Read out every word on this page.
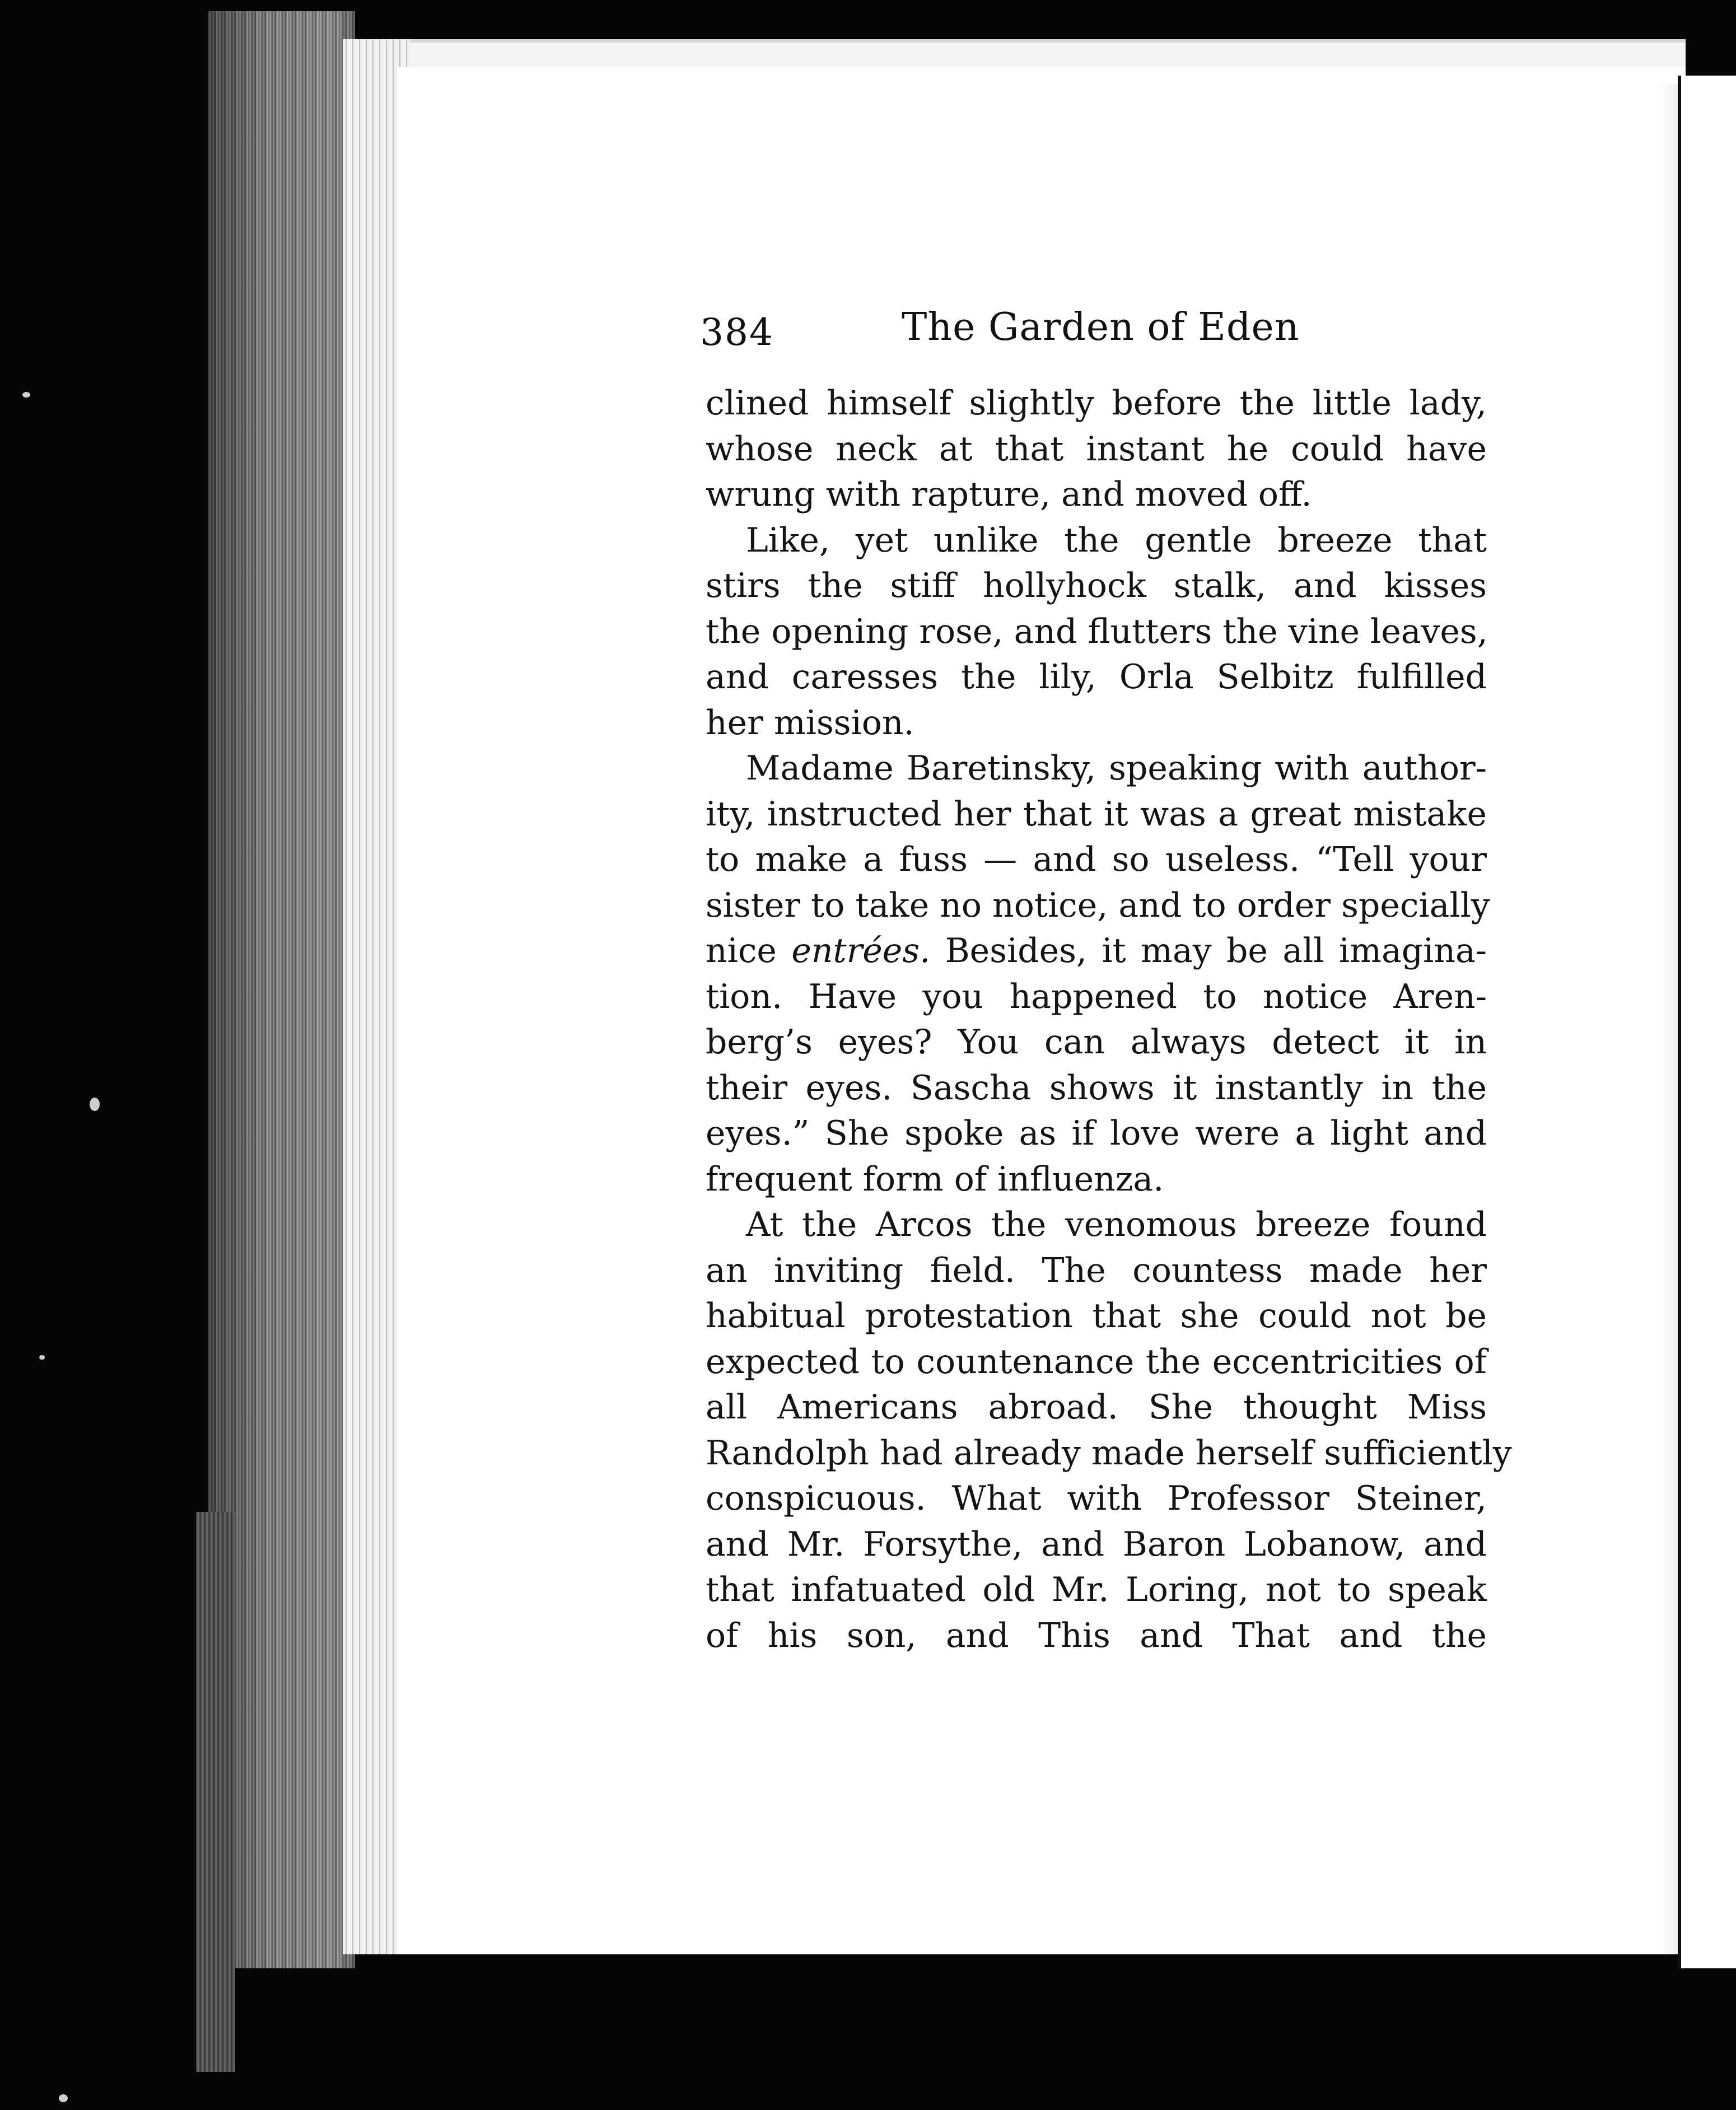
384	The Garden of Eden
clined himself slightly before the little lady,
whose neck at that instant he could have
wrung with rapture, and moved off.
Like, yet unlike the gentle breeze that
stirs the stiff hollyhock stalk, and kisses
the opening rose, and flutters the vine leaves,
and caresses the lily, Orla Selbitz fulfilled
her mission.
Madame Baretinsky, speaking with author-
ity, instructed her that it was a great mistake
to make a fuss — and so useless. “Tell your
sister to take no notice, and to order specially
nice entrées. Besides, it may be all imagina-
tion. Have you happened to notice Aren-
berg’s eyes? You can always detect it in
their eyes. Sascha shows it instantly in the
eyes.” She spoke as if love were a light and
frequent form of influenza.
At the Arcos the venomous breeze found
an inviting field. The countess made her
habitual protestation that she could not be
expected to countenance the eccentricities of
all Americans abroad. She thought Miss
Randolph had already made herself sufficiently
conspicuous. What with Professor Steiner,
and Mr. Forsythe, and Baron Lobanow, and
that infatuated old Mr. Loring, not to speak
of his son, and This and That and the
